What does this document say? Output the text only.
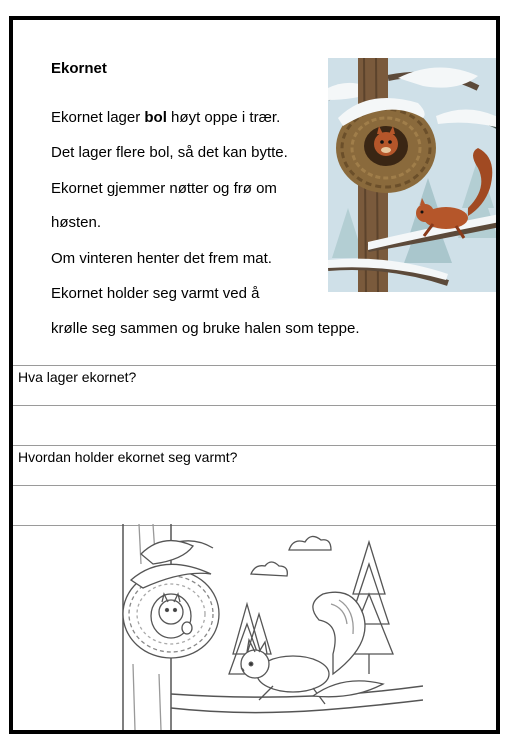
Ekornet

Ekornet lager bol høyt oppe i trær.

Det lager flere bol, så det kan bytte.

Ekornet gjemmer nøtter og frø om

høsten.

Om vinteren henter det frem mat.

Ekornet holder seg varmt ved å

krølle seg sammen og bruke halen som teppe.

Hva lager ekornet?

Hvordan holder ekornet seg varmt?
